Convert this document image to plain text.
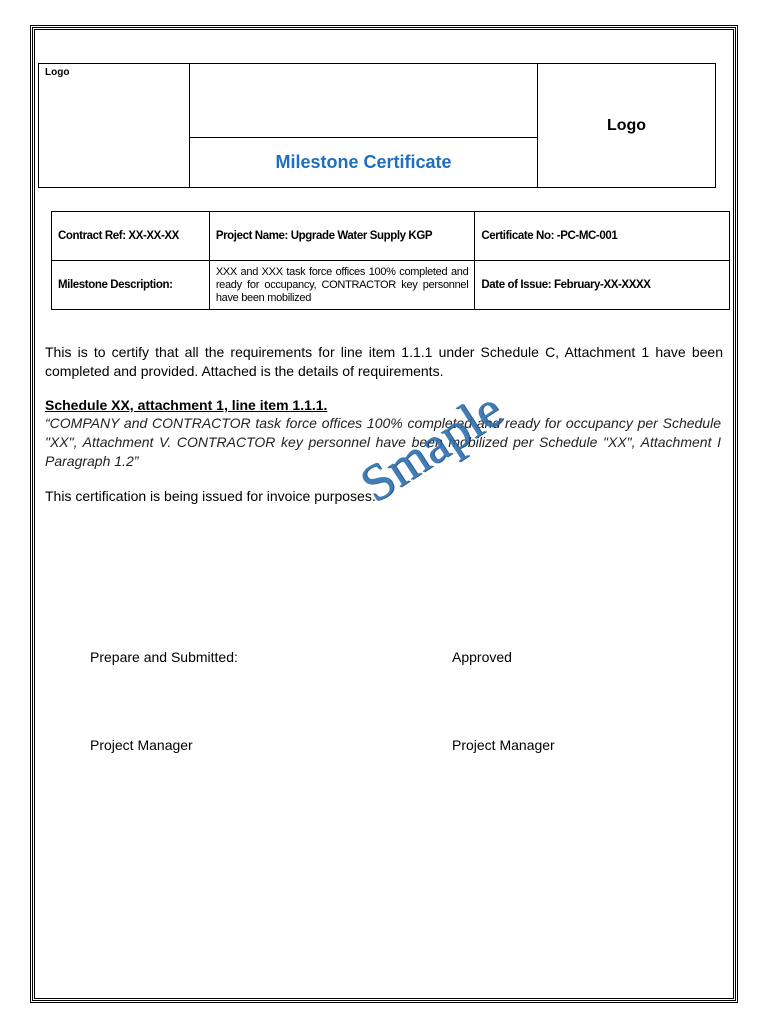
Logo
Milestone Certificate
Logo
Contract Ref: XX-XX-XX	Project Name: Upgrade Water Supply KGP	Certificate No: -PC-MC-001
Milestone Description:	XXX and XXX task force offices 100% completed and ready for occupancy, CONTRACTOR key personnel have been mobilized	Date of Issue: February-XX-XXXX
This is to certify that all the requirements for line item 1.1.1 under Schedule C, Attachment 1 have been completed and provided. Attached is the details of requirements.
Schedule XX, attachment 1, line item 1.1.1.
“COMPANY and CONTRACTOR task force offices 100% completed and ready for occupancy per Schedule "XX", Attachment V. CONTRACTOR key personnel have been mobilized per Schedule "XX", Attachment I Paragraph 1.2”
This certification is being issued for invoice purposes.
Smaple
Prepare and Submitted:	Approved
Project Manager	Project Manager
